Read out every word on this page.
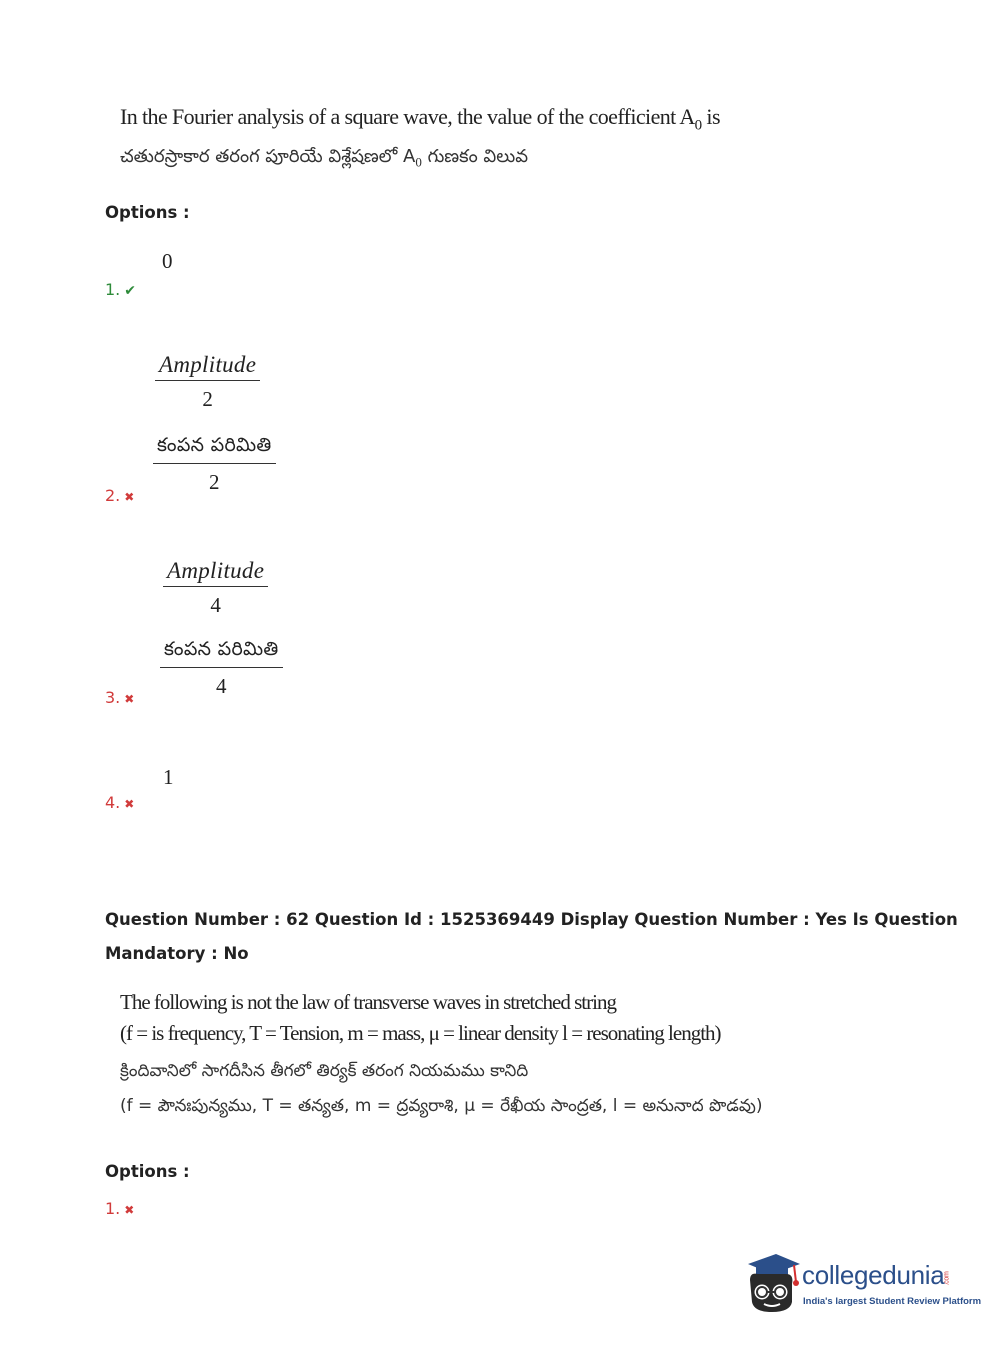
In the Fourier analysis of a square wave, the value of the coefficient $A_0$ is
చతురస్రాకార తరంగ పూరియే విశ్లేషణలో $A_0$ గుణకం విలువ
Options :
0
1. ✔
Amplitude
2
కంపన పరిమితి
2
2. ✖
Amplitude
4
కంపన పరిమితి
4
3. ✖
1
4. ✖
Question Number : 62 Question Id : 1525369449 Display Question Number : Yes Is Question
Mandatory : No
The following is not the law of transverse waves in stretched string
(f = is frequency, T = Tension, m = mass, μ = linear density l = resonating length)
క్రిందివానిలో సాగదీసిన తీగలో తిర్యక్ తరంగ నియమము కానిది
(f = పౌనఃపున్యము, T = తన్యత, m = ద్రవ్యరాశి, μ = రేఖీయ సాంద్రత, l = అనునాద పొడవు)
Options :
1. ✖
collegedunia.com
India's largest Student Review Platform
